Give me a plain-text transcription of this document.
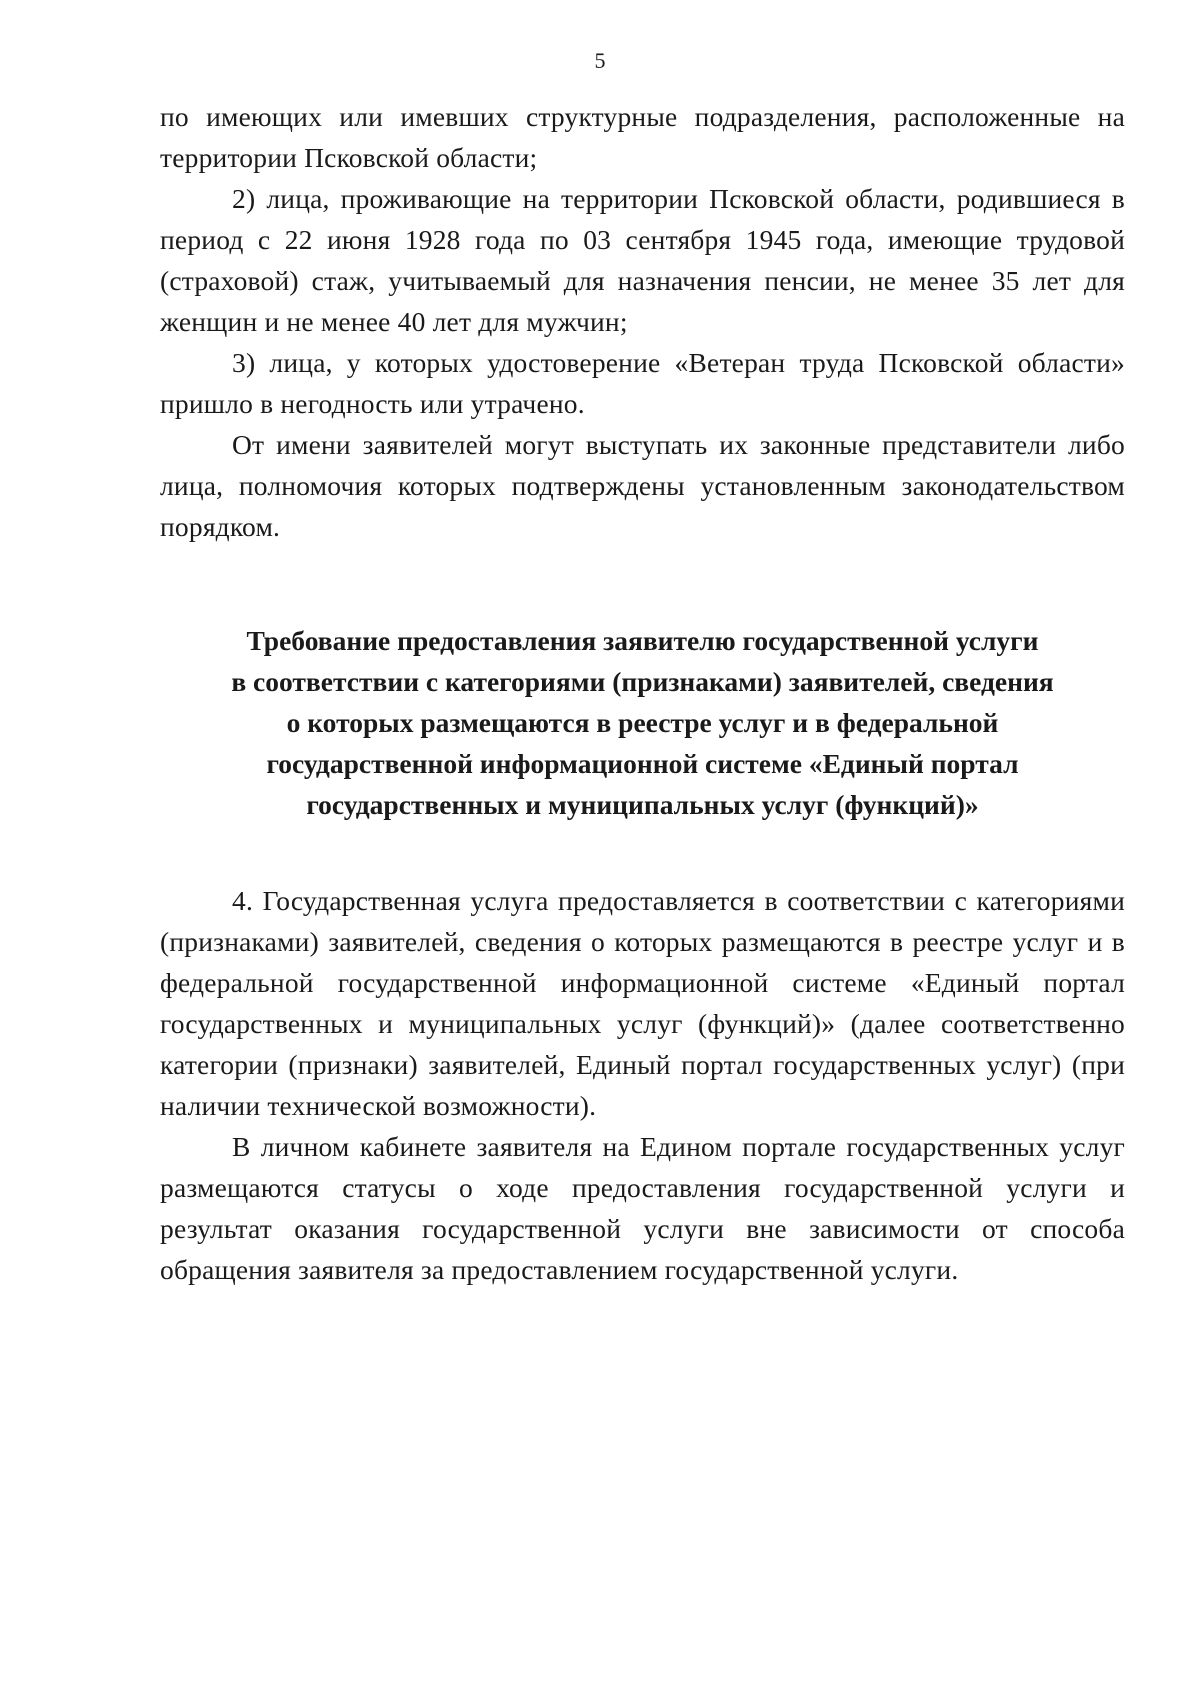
5

по имеющих или имевших структурные подразделения, расположенные на территории Псковской области;

2) лица, проживающие на территории Псковской области, родившиеся в период с 22 июня 1928 года по 03 сентября 1945 года, имеющие трудовой (страховой) стаж, учитываемый для назначения пенсии, не менее 35 лет для женщин и не менее 40 лет для мужчин;

3) лица, у которых удостоверение «Ветеран труда Псковской области» пришло в негодность или утрачено.

От имени заявителей могут выступать их законные представители либо лица, полномочия которых подтверждены установленным законодательством порядком.

Требование предоставления заявителю государственной услуги

в соответствии с категориями (признаками) заявителей, сведения

о которых размещаются в реестре услуг и в федеральной

государственной информационной системе «Единый портал

государственных и муниципальных услуг (функций)»

4. Государственная услуга предоставляется в соответствии с категориями (признаками) заявителей, сведения о которых размещаются в реестре услуг и в федеральной государственной информационной системе «Единый портал государственных и муниципальных услуг (функций)» (далее соответственно категории (признаки) заявителей, Единый портал государственных услуг) (при наличии технической возможности).

В личном кабинете заявителя на Едином портале государственных услуг размещаются статусы о ходе предоставления государственной услуги и результат оказания государственной услуги вне зависимости от способа обращения заявителя за предоставлением государственной услуги.
